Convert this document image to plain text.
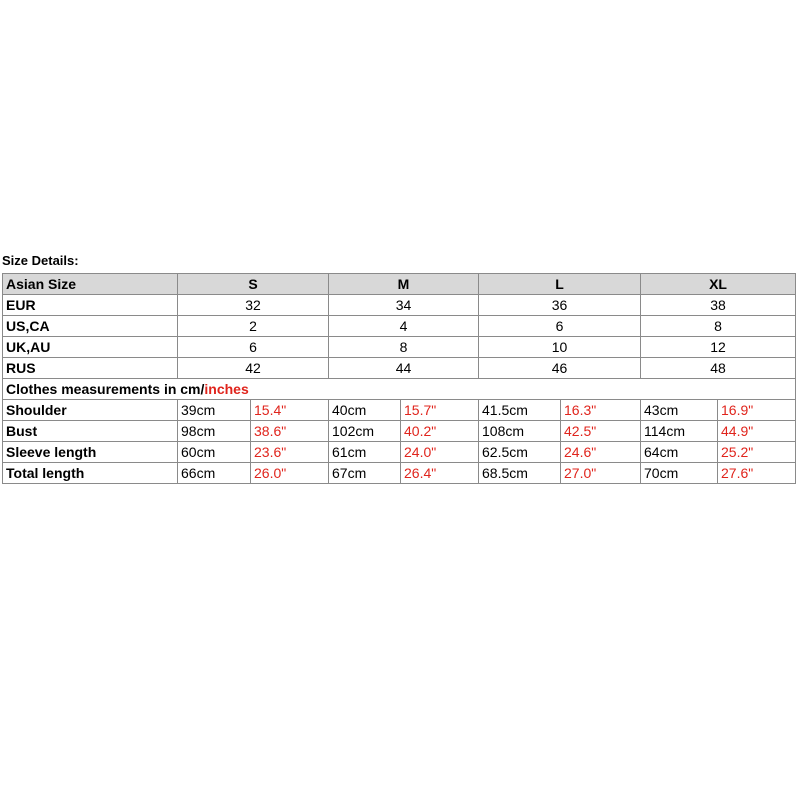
Size Details:
Asian Size	S		M		L		XL	
EUR	32		34		36		38	
US,CA	2		4		6		8	
UK,AU	6		8		10		12	
RUS	42		44		46		48	
Clothes measurements in cm/inches								
Shoulder	39cm	15.4"	40cm	15.7"	41.5cm	16.3"	43cm	16.9"
Bust	98cm	38.6"	102cm	40.2"	108cm	42.5"	114cm	44.9"
Sleeve length	60cm	23.6"	61cm	24.0"	62.5cm	24.6"	64cm	25.2"
Total length	66cm	26.0"	67cm	26.4"	68.5cm	27.0"	70cm	27.6"
